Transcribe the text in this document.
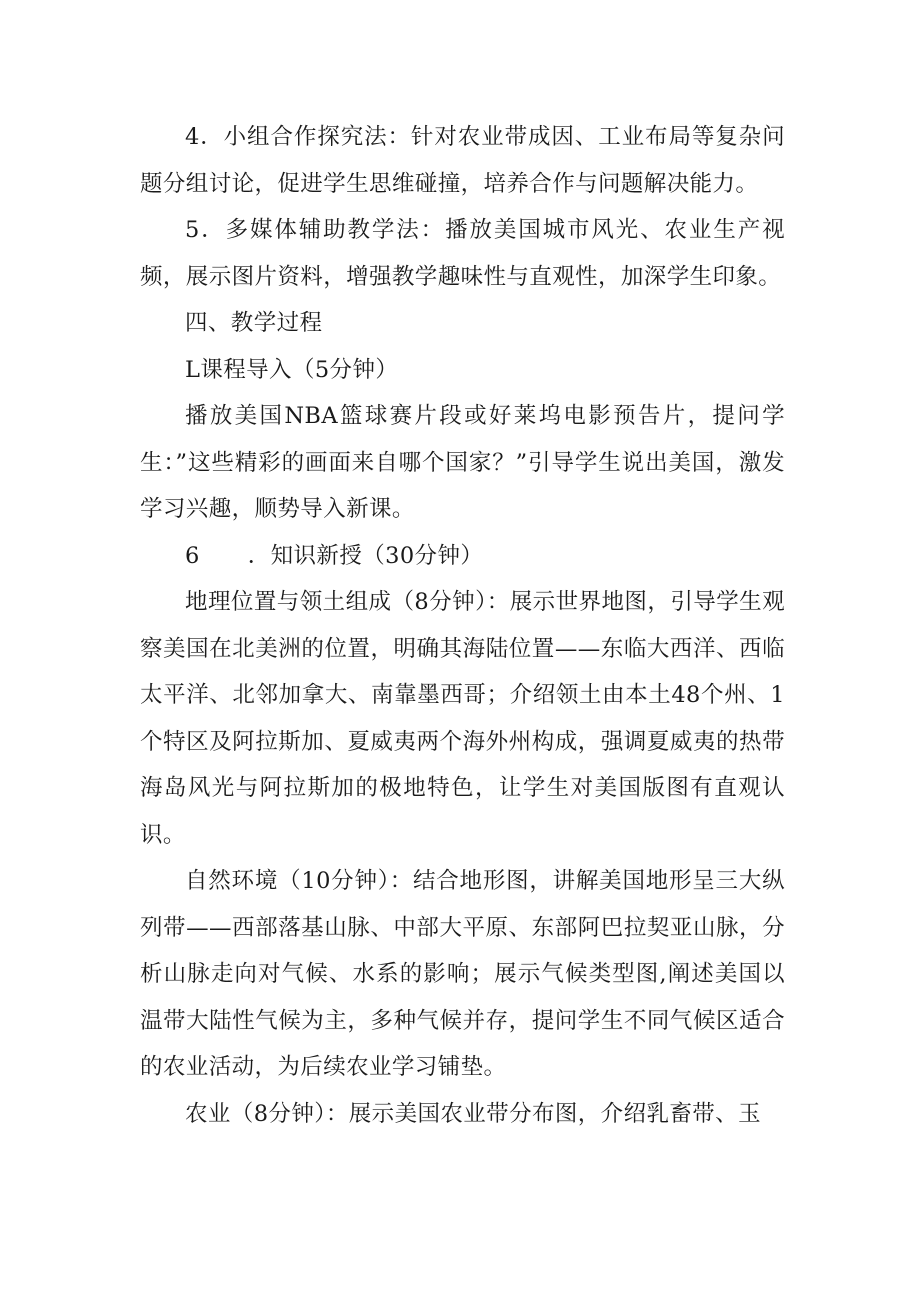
4．小组合作探究法：针对农业带成因、工业布局等复杂问题分组讨论，促进学生思维碰撞，培养合作与问题解决能力。

5．多媒体辅助教学法：播放美国城市风光、农业生产视频，展示图片资料，增强教学趣味性与直观性，加深学生印象。

四、教学过程

L课程导入（5分钟）

播放美国NBA篮球赛片段或好莱坞电影预告片，提问学生：”这些精彩的画面来自哪个国家？”引导学生说出美国，激发学习兴趣，顺势导入新课。

6 ．知识新授（30分钟）

地理位置与领土组成（8分钟）：展示世界地图，引导学生观察美国在北美洲的位置，明确其海陆位置——东临大西洋、西临太平洋、北邻加拿大、南靠墨西哥；介绍领土由本土48个州、1个特区及阿拉斯加、夏威夷两个海外州构成，强调夏威夷的热带海岛风光与阿拉斯加的极地特色，让学生对美国版图有直观认识。

自然环境（10分钟）：结合地形图，讲解美国地形呈三大纵列带——西部落基山脉、中部大平原、东部阿巴拉契亚山脉，分析山脉走向对气候、水系的影响；展示气候类型图,阐述美国以温带大陆性气候为主，多种气候并存，提问学生不同气候区适合的农业活动，为后续农业学习铺垫。

农业（8分钟）：展示美国农业带分布图，介绍乳畜带、玉
